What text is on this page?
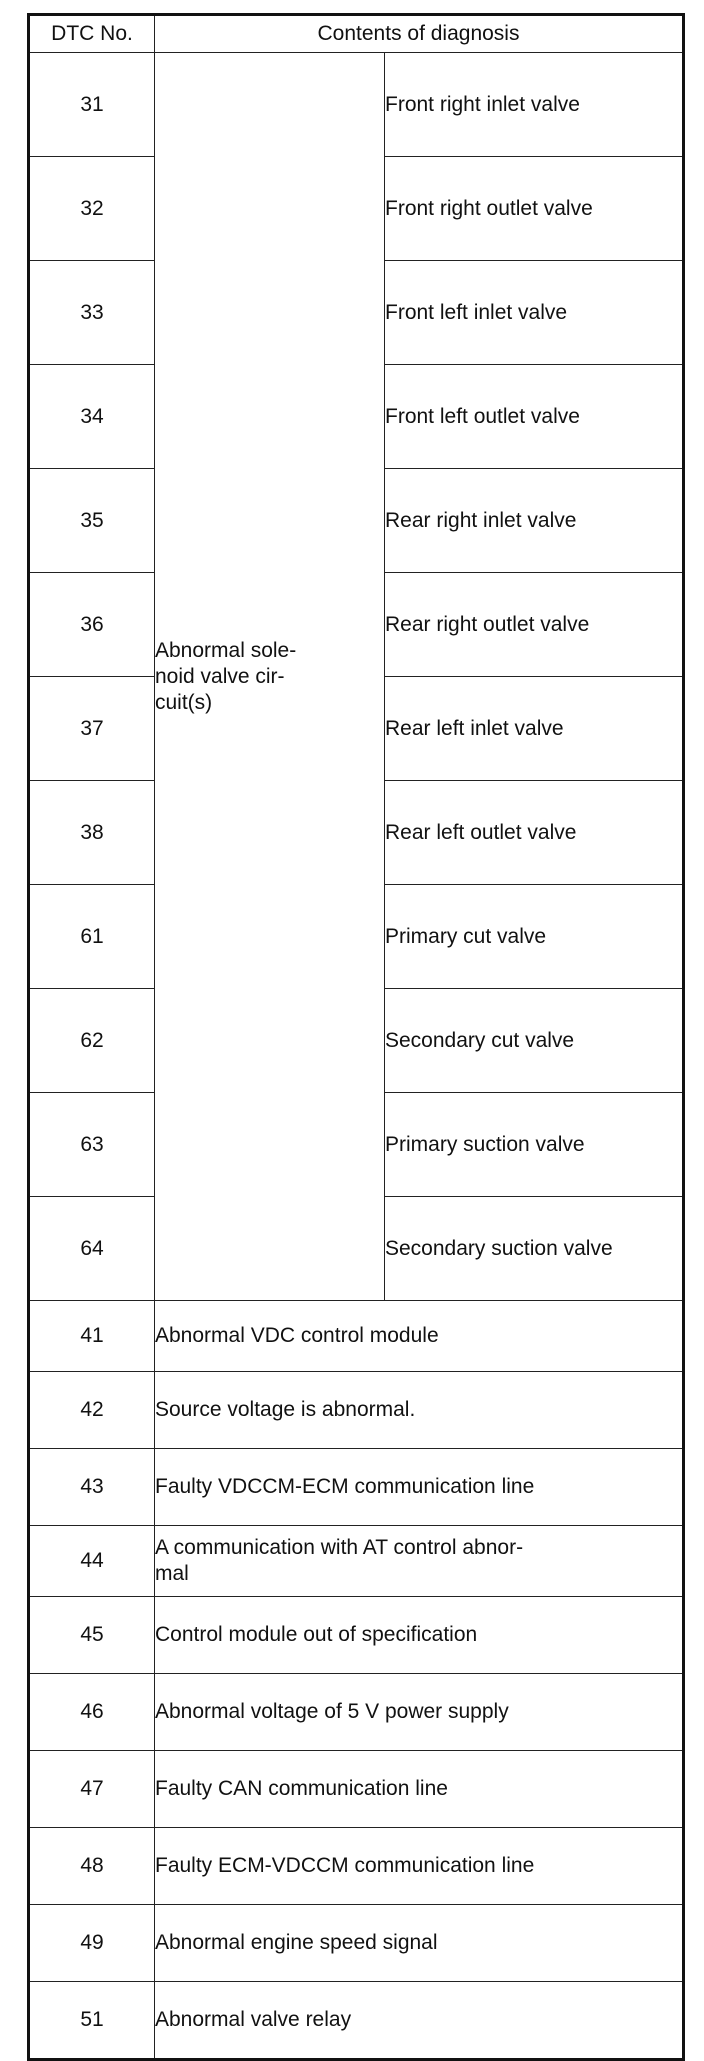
DTC No.	Contents of diagnosis	
31	Abnormal sole-
noid valve cir-
cuit(s)	Front right inlet valve
32		Front right outlet valve
33		Front left inlet valve
34		Front left outlet valve
35		Rear right inlet valve
36		Rear right outlet valve
37		Rear left inlet valve
38		Rear left outlet valve
61		Primary cut valve
62		Secondary cut valve
63		Primary suction valve
64		Secondary suction valve
41	Abnormal VDC control module	
42	Source voltage is abnormal.	
43	Faulty VDCCM-ECM communication line	
44	A communication with AT control abnor-
mal	
45	Control module out of specification	
46	Abnormal voltage of 5 V power supply	
47	Faulty CAN communication line	
48	Faulty ECM-VDCCM communication line	
49	Abnormal engine speed signal	
51	Abnormal valve relay	
